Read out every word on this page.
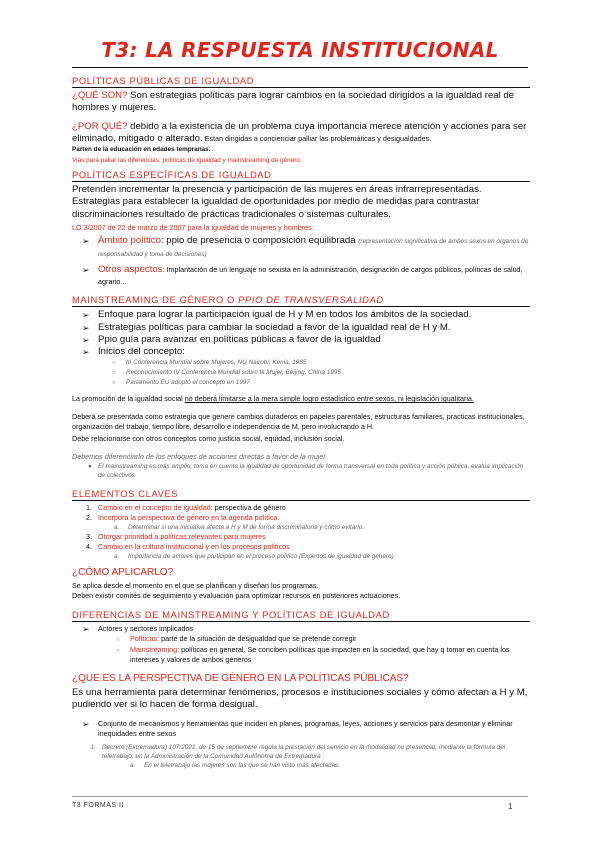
T3: LA RESPUESTA INSTITUCIONAL
POLÍTICAS PÚBLICAS DE IGUALDAD

¿QUÉ SON? Son estrategias políticas para lograr cambios en la sociedad dirigidos a la igualdad real de hombres y mujeres.

¿POR QUÉ? debido a la existencia de un problema cuya importancia merece atención y acciones para ser eliminado, mitigado o alterado. Estan dirigidas a concienciar palliar las problemáticas y desigualdades.

Parten de la educación en edades tempranas.
Vias para paliar las diferencias: políticas de igualdad y mainstreaming de género
POLÍTICAS ESPECÍFICAS DE IGUALDAD

Pretenden incrementar la presencia y participación de las mujeres en áreas infrarrepresentadas. Estrategias para establecer la igualdad de oportunidades por medio de medidas para contrastar discriminaciones resultado de prácticas tradicionales o sistemas culturales.

LO 3/2007 de 22 de marzo de 2007 para la igualdad de mujeres y hombres.
➢ Ámbito político: ppio de presencia o composición equilibrada (representación significativa de ambos sexos en órganos de responsabilidad y toma de decisiones)
➢ Otros aspectos: Implantación de un lenguaje no sexista en la administración, designación de cargos públicos, políticas de salud, agrario...
MAINSTREAMING DE GÉNERO O PPIO DE TRANSVERSALIDAD
➢ Enfoque para lograr la participación igual de H y M en todos los ámbitos de la sociedad.
➢ Estrategias políticas para cambiar la sociedad a favor de la igualdad real de H y M.
➢ Ppio guía para avanzar en políticas públicas a favor de la igualdad
➢ Inicios del concepto:
○	III Conferencia Mundial sobre Mujeres, NU Nairobi, Kenia, 1985
○	Reconocimiento IV Conferencia Mundial sobre la Mujer, Beijing, China 1995
○	Parlamento EU adoptó el concepto en 1997

La promoción de la igualdad social no deberá limitarse a la mera simple logro estadístico entre sexos, ni legislación igualitaria.

Deberá se presentada como estrategia que genere cambios duraderos en papeles parentales, estructuras familiares, practicas institucionales, organización del trabajo, tiempo libre, desarrollo e independencia de M, pero involucrando a H.

Debe relacionarse con otros conceptos como justicia social, equidad, inclusión social.

Debemos diferenciarlo de los enfoques de acciones directas a favor de la mujer.

● El mainstreaming es más amplio, toma en cuenta la igualdad de oportunidad de forma transversal en toda política y acción pública, evalúa implicación de colectivos
ELEMENTOS CLAVES
1. Cambio en el concepto de igualdad: perspectiva de género
2. Incorpora la perspectiva de género en la agenda política.
a.	Determinar si una iniciativa afecta a H y M de forma discriminatoria y cómo evitarlo.
3. Otorgar prioridad a políticas relevantes para mujeres
4. Cambio en la cultura institucional y en los procesos políticos
a.	Importancia de actores que participan en el proceso político (Expertos de igualdad de género)
¿CÓMO APLICARLO?

Se aplica desde el momento en el que se planifican y diseñan los programas.

Deben existir comités de seguimiento y evaluación para optimizar recursos en posteriores actuaciones.

DIFERENCIAS DE MAINSTREAMING Y POLÍTICAS DE IGUALDAD
➢	Actores y sectores implicados
○	Políticas: parte de la situación de desigualdad que se pretende corregir
○	Mainstreaming: políticas en general. Se conciben políticas que impacten en la sociedad, que hay q tomar en cuenta los intereses y valores de ambos géneros
¿QUE ES LA PERSPECTIVA DE GÉNERO EN LA POLÍTICAS PÚBLICAS?

Es una herramienta para determinar fenómenos, procesos e instituciones sociales y cómo afectan a H y M, pudiendo ver si lo hacen de forma desigual.

➢	Conjunto de mecanismos y herramientas que inciden en planes, programas, leyes, acciones y servicios para desmontar y eliminar inequidades entre sexos
1. Decreto (Extremadura) 107/2021, de 15 de septiembre regula la prestación del servicio en la modalidad no presencial, mediante la fórmula del teletrabajo, en la Administración de la Comunidad Autónoma de Extremadura :
a.	En el teletrabajo las mujeres son las que se han visto más afectadas.
T3 FORMAS II	1
